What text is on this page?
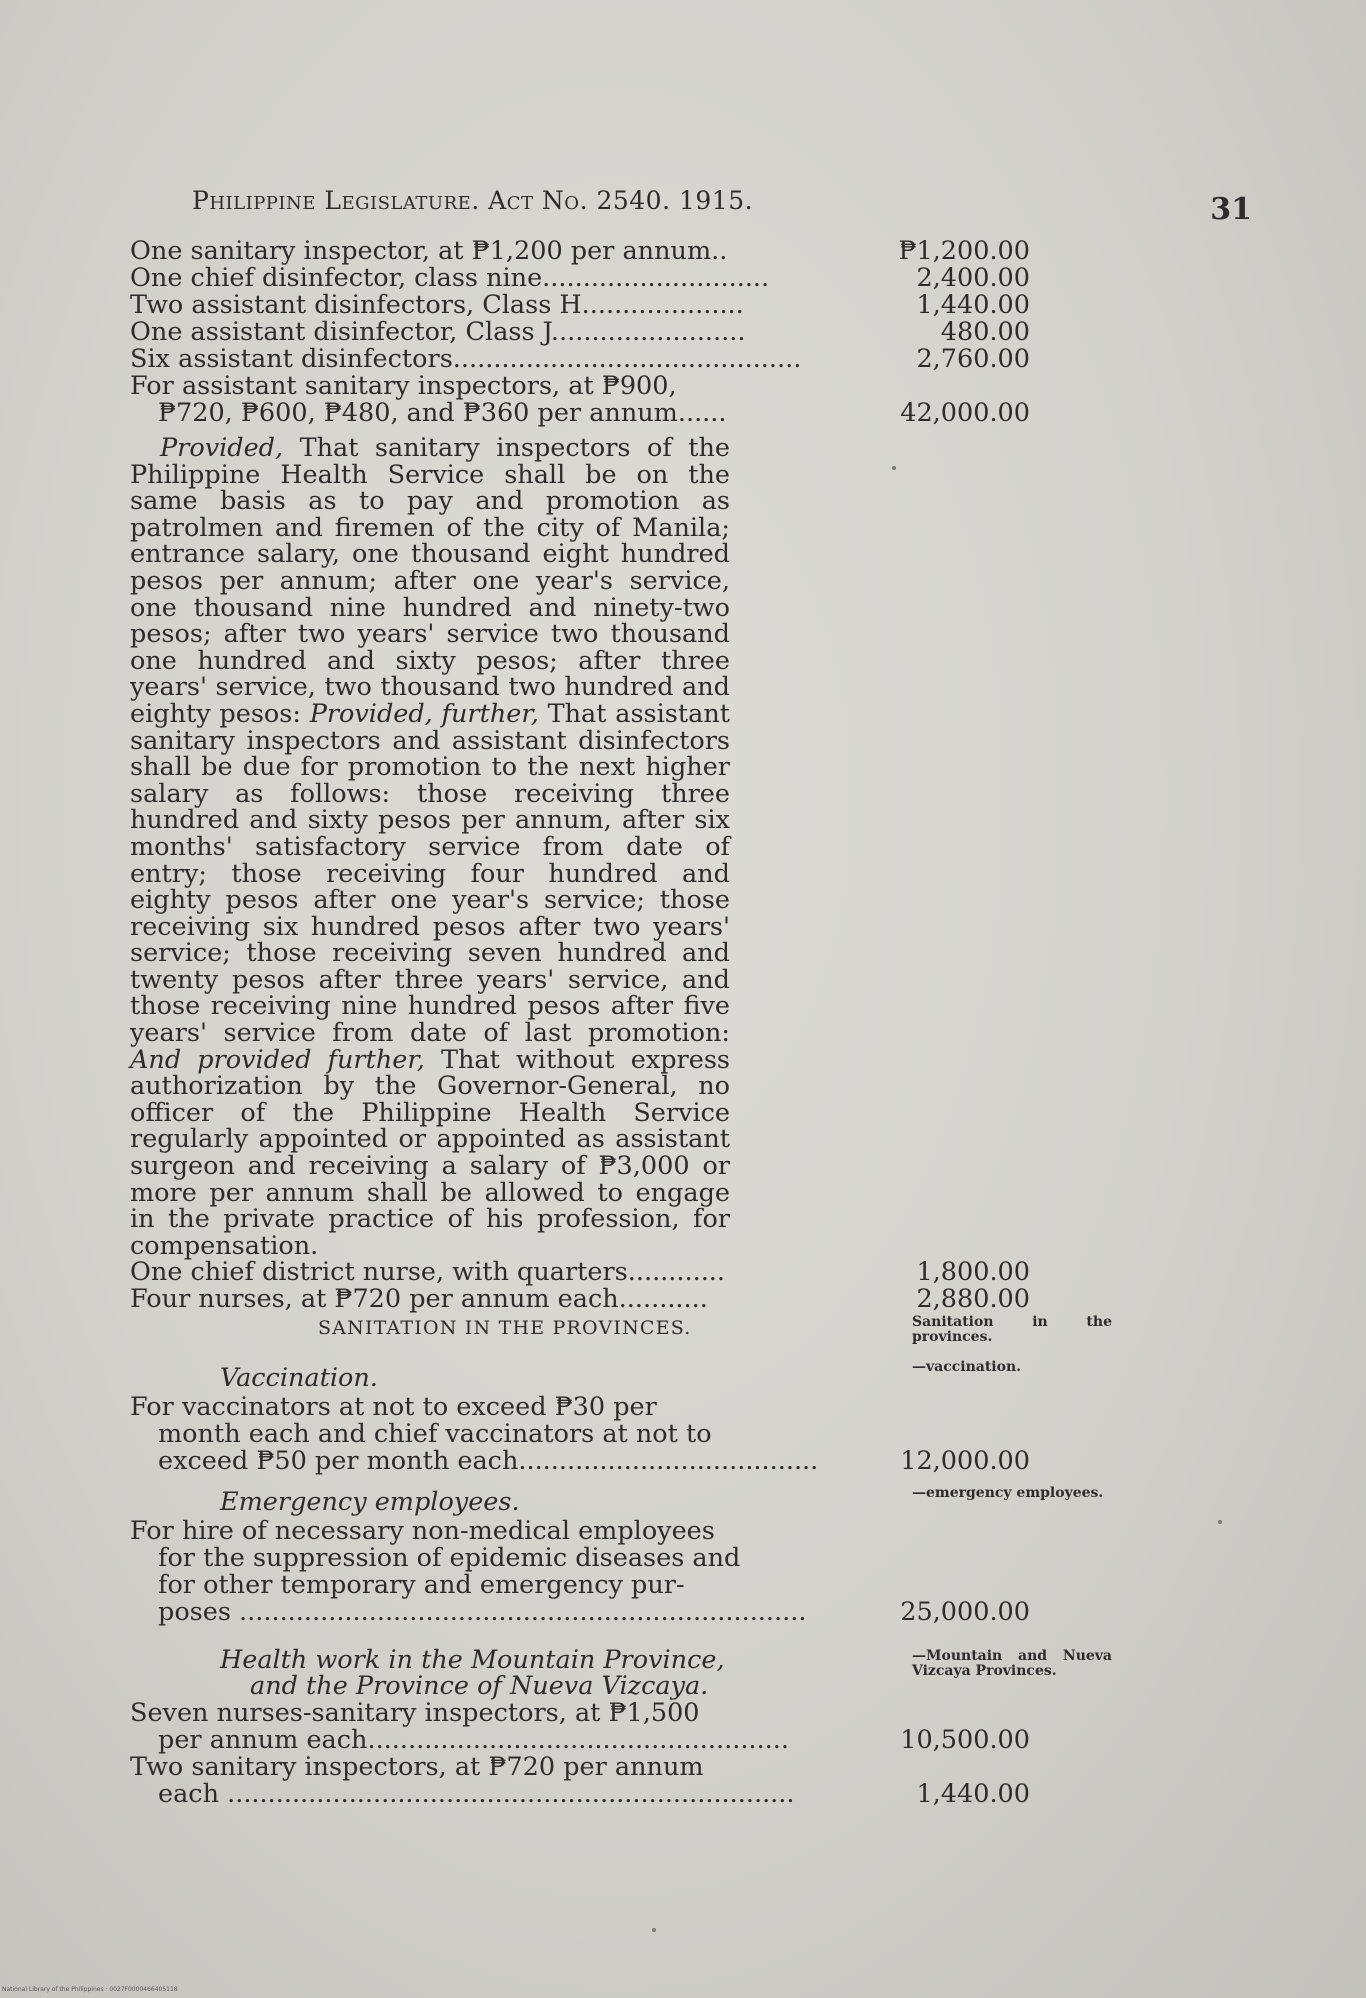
Philippine Legislature. Act No. 2540. 1915.	31
One sanitary inspector, at ₱1,200 per annum..	₱1,200.00
One chief disinfector, class nine............................	2,400.00
Two assistant disinfectors, Class H....................	1,440.00
One assistant disinfector, Class J........................	480.00
Six assistant disinfectors...........................................	2,760.00
For assistant sanitary inspectors, at ₱900,
₱720, ₱600, ₱480, and ₱360 per annum......	42,000.00

Provided, That sanitary inspectors of the Philippine Health Service shall be on the same basis as to pay and promotion as patrolmen and firemen of the city of Manila; entrance salary, one thousand eight hundred pesos per annum; after one year's service, one thousand nine hundred and ninety-two pesos; after two years' service two thousand one hundred and sixty pesos; after three years' service, two thousand two hundred and eighty pesos: Provided, further, That assistant sanitary inspectors and assistant disinfectors shall be due for promotion to the next higher salary as follows: those receiving three hundred and sixty pesos per annum, after six months' satisfactory service from date of entry; those receiving four hundred and eighty pesos after one year's service; those receiving six hundred pesos after two years' service; those receiving seven hundred and twenty pesos after three years' service, and those receiving nine hundred pesos after five years' service from date of last promotion: And provided further, That without express authorization by the Governor-General, no officer of the Philippine Health Service regularly appointed or appointed as assistant surgeon and receiving a salary of ₱3,000 or more per annum shall be allowed to engage in the private practice of his profession, for compensation.

One chief district nurse, with quarters............	1,800.00
Four nurses, at ₱720 per annum each...........	2,880.00
SANITATION IN THE PROVINCES.	Sanitation in the provinces.
—vaccination.
—emergency employees.
—Mountain and Nueva Vizcaya Provinces.
Vaccination.
For vaccinators at not to exceed ₱30 per
month each and chief vaccinators at not to
exceed ₱50 per month each.....................................	12,000.00
Emergency employees.
For hire of necessary non-medical employees
for the suppression of epidemic diseases and
for other temporary and emergency pur-
poses ......................................................................	25,000.00
Health work in the Mountain Province,
and the Province of Nueva Vizcaya.
Seven nurses-sanitary inspectors, at ₱1,500
per annum each....................................................	10,500.00
Two sanitary inspectors, at ₱720 per annum
each ......................................................................	1,440.00
National Library of the Philippines · 0027F0000466405118
